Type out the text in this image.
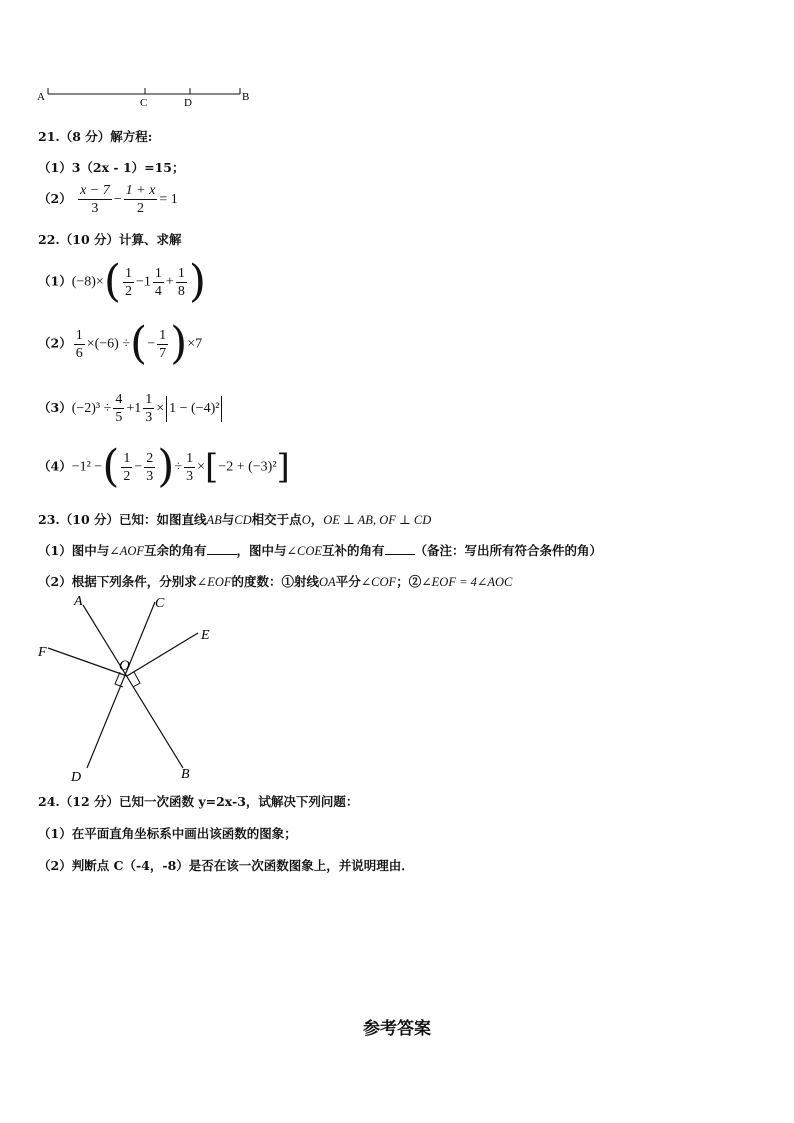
A	C	D	B
21.（8 分）解方程:
（1）3（2x - 1）=15；
$(2) \frac{x - 7}{3} - \frac{1 + x}{2} = 1$
22.（10 分）计算、求解
$(1)(-8)\times( \frac{1}{2} -1 \frac{1}{4} + \frac{1}{8}$ )
$(2) \frac{1}{6} \times(-6)$ ÷(− $\frac{1}{7} )\times 7$
$(3)(-2)^3 \div \frac{4}{5} +1 \frac{1}{3} \times 1 - (-4)^2$
（4）−1² −( $\frac{1}{2} - \frac{2}{3}$ )÷ $\frac{1}{3} \times[-2 + (-3)^2]$
23.（10 分）已知：如图直线AB与CD相交于点O，OE ⊥ AB, OF ⊥ CD
（1）图中与∠AOF互余的角有 ，图中与∠COE互补的角有 （备注：写出所有符合条件的角）
（2）根据下列条件，分别求∠EOF的度数：①射线OA平分∠COF；②∠EOF = 4∠AOC
A	C
E
F
O
D	B
24.（12 分）已知一次函数 y=2x-3，试解决下列问题：
（1）在平面直角坐标系中画出该函数的图象；
（2）判断点 C（-4，-8）是否在该一次函数图象上，并说明理由．
参考答案
